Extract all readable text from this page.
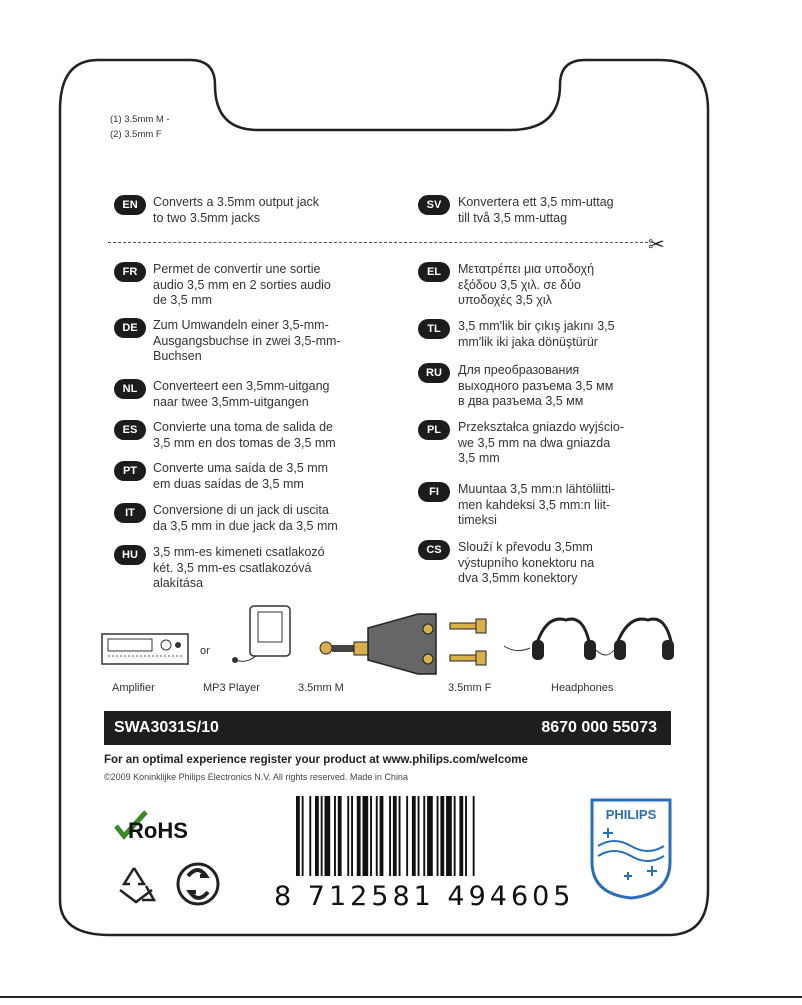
(1) 3.5mm M -
(2) 3.5mm F
EN	Converts a 3.5mm output jack
to two 3.5mm jacks
SV	Konvertera ett 3,5 mm-uttag
till två 3,5 mm-uttag
✂
FR	Permet de convertir une sortie
audio 3,5 mm en 2 sorties audio
de 3,5 mm
DE	Zum Umwandeln einer 3,5-mm-
Ausgangsbuchse in zwei 3,5-mm-
Buchsen
NL	Converteert een 3,5mm-uitgang
naar twee 3,5mm-uitgangen
ES	Convierte una toma de salida de
3,5 mm en dos tomas de 3,5 mm
PT	Converte uma saída de 3,5 mm
em duas saídas de 3,5 mm
IT	Conversione di un jack di uscita
da 3,5 mm in due jack da 3,5 mm
HU	3,5 mm-es kimeneti csatlakozó
két. 3,5 mm-es csatlakozóvá
alakítása
EL	Μετατρέπει μια υποδοχή
εξόδου 3,5 χιλ. σε δύο
υποδοχές 3,5 χιλ
TL	3,5 mm'lik bir çıkış jakını 3,5
mm'lik iki jaka dönüştürür
RU	Для преобразования
выходного разъема 3,5 мм
в два разъема 3,5 мм
PL	Przekształca gniazdo wyjścio-
we 3,5 mm na dwa gniazda
3,5 mm
FI	Muuntaa 3,5 mm:n lähtöliitti-
men kahdeksi 3,5 mm:n liit-
timeksi
CS	Slouží k převodu 3,5mm
výstupního konektoru na
dva 3,5mm konektory
or
Amplifier	MP3 Player	3.5mm M	3.5mm F	Headphones
SWA3031S/10	8670 000 55073
For an optimal experience register your product at www.philips.com/welcome
©2009 Koninklijke Philips Electronics N.V. All rights reserved. Made in China
RoHS
8 712581 494605
PHILIPS
